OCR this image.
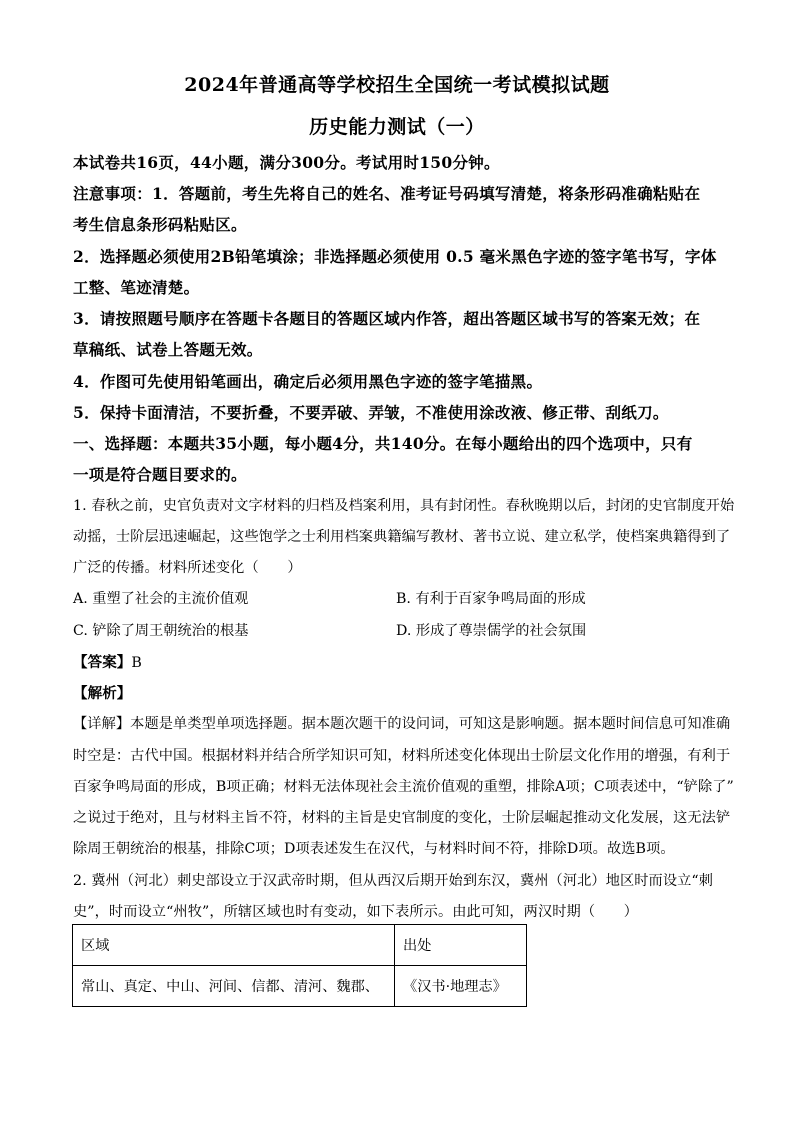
2024年普通高等学校招生全国统一考试模拟试题
历史能力测试（一）
本试卷共16页，44小题，满分300分。考试用时150分钟。
注意事项：1．答题前，考生先将自己的姓名、准考证号码填写清楚，将条形码准确粘贴在
考生信息条形码粘贴区。
2．选择题必须使用2B铅笔填涂；非选择题必须使用 0.5 毫米黑色字迹的签字笔书写，字体
工整、笔迹清楚。
3．请按照题号顺序在答题卡各题目的答题区域内作答，超出答题区域书写的答案无效；在
草稿纸、试卷上答题无效。
4．作图可先使用铅笔画出，确定后必须用黑色字迹的签字笔描黑。
5．保持卡面清洁，不要折叠，不要弄破、弄皱，不准使用涂改液、修正带、刮纸刀。
一、选择题：本题共35小题，每小题4分，共140分。在每小题给出的四个选项中，只有
一项是符合题目要求的。
1. 春秋之前，史官负责对文字材料的归档及档案利用，具有封闭性。春秋晚期以后，封闭的史官制度开始
动摇，士阶层迅速崛起，这些饱学之士利用档案典籍编写教材、著书立说、建立私学，使档案典籍得到了
广泛的传播。材料所述变化（　　）
A. 重塑了社会的主流价值观	B. 有利于百家争鸣局面的形成
C. 铲除了周王朝统治的根基	D. 形成了尊崇儒学的社会氛围
【答案】B
【解析】
【详解】本题是单类型单项选择题。据本题次题干的设问词，可知这是影响题。据本题时间信息可知准确
时空是：古代中国。根据材料并结合所学知识可知，材料所述变化体现出士阶层文化作用的增强，有利于
百家争鸣局面的形成，B项正确；材料无法体现社会主流价值观的重塑，排除A项；C项表述中，“铲除了”
之说过于绝对，且与材料主旨不符，材料的主旨是史官制度的变化，士阶层崛起推动文化发展，这无法铲
除周王朝统治的根基，排除C项；D项表述发生在汉代，与材料时间不符，排除D项。故选B项。
2. 冀州（河北）刺史部设立于汉武帝时期，但从西汉后期开始到东汉，冀州（河北）地区时而设立“刺
史”，时而设立“州牧”，所辖区域也时有变动，如下表所示。由此可知，两汉时期（　　）
区域	出处
常山、真定、中山、河间、信都、清河、魏郡、	《汉书·地理志》
